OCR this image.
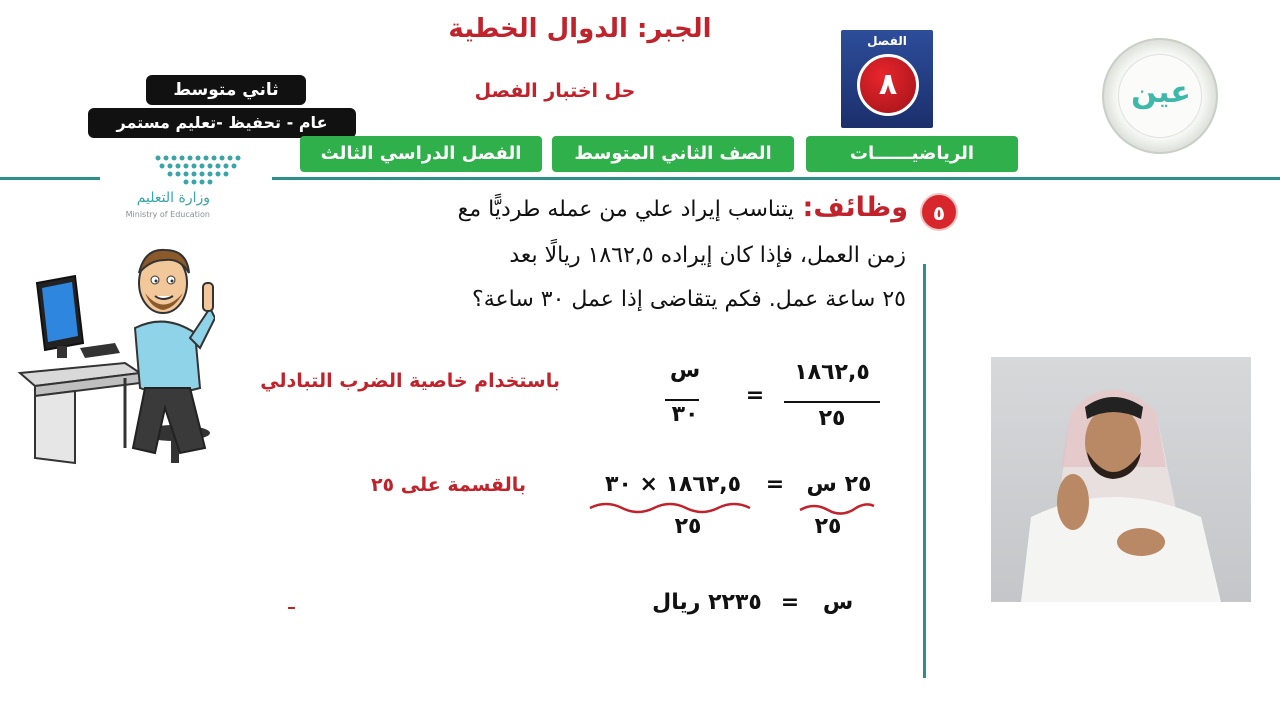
الجبر: الدوال الخطية
حل اختبار الفصل
الفصل
٨	عين
ثاني متوسط
عام - تحفيظ -تعليم مستمر
الرياضيــــــات
الصف الثاني المتوسط
الفصل الدراسي الثالث
وزارة التعليم
Ministry of Education	٥
وظائف:
يتناسب إيراد علي من عمله طرديًّا مع
زمن العمل، فإذا كان إيراده ١٨٦٢,٥ ريالًا بعد
٢٥ ساعة عمل. فكم يتقاضى إذا عمل ٣٠ ساعة؟
١٨٦٢,٥
٢٥
=
س
٣٠
باستخدام خاصية الضرب التبادلي
٢٥ س
=
١٨٦٢,٥ × ٣٠
٢٥
٢٥
بالقسمة على ٢٥
س
=
٢٢٣٥ ريال
